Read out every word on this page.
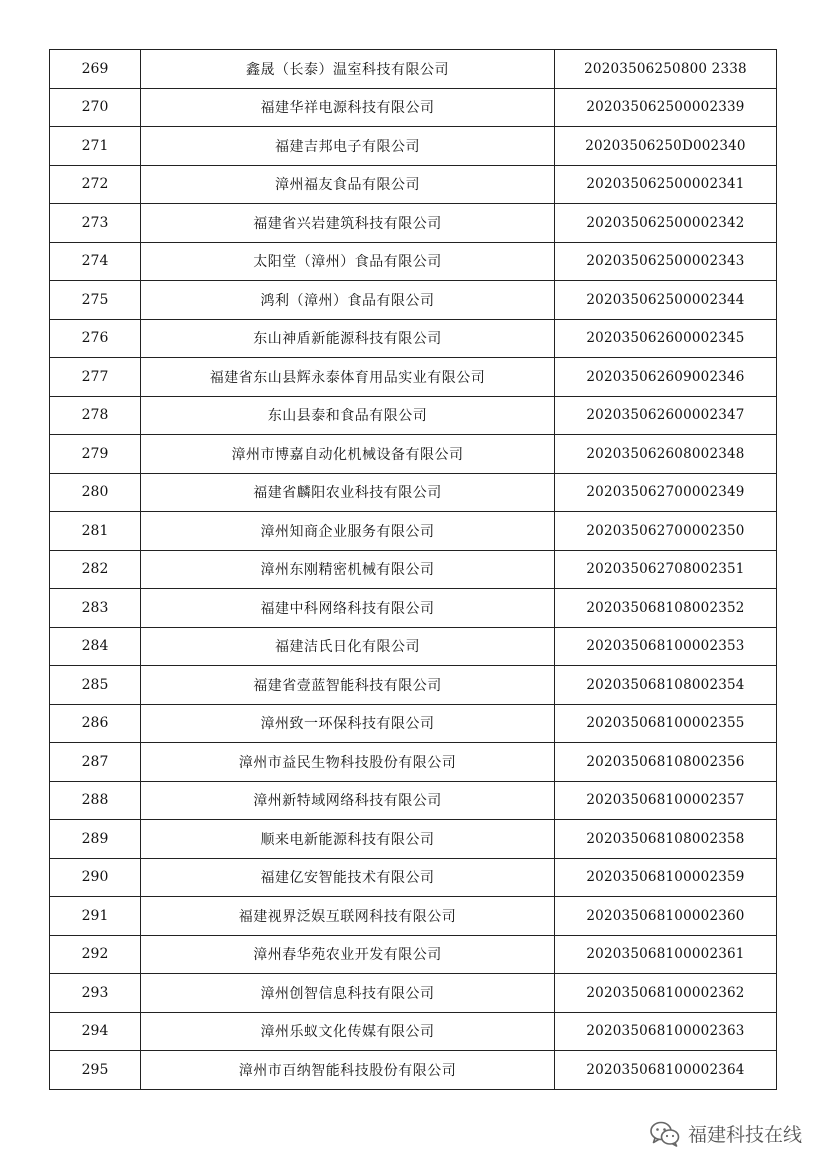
269	鑫晟（长泰）温室科技有限公司	20203506250800 2338
270	福建华祥电源科技有限公司	202035062500002339
271	福建吉邦电子有限公司	20203506250D002340
272	漳州福友食品有限公司	202035062500002341
273	福建省兴岩建筑科技有限公司	202035062500002342
274	太阳堂（漳州）食品有限公司	202035062500002343
275	鸿利（漳州）食品有限公司	202035062500002344
276	东山神盾新能源科技有限公司	202035062600002345
277	福建省东山县辉永泰体育用品实业有限公司	202035062609002346
278	东山县泰和食品有限公司	202035062600002347
279	漳州市博嘉自动化机械设备有限公司	202035062608002348
280	福建省麟阳农业科技有限公司	202035062700002349
281	漳州知商企业服务有限公司	202035062700002350
282	漳州东刚精密机械有限公司	202035062708002351
283	福建中科网络科技有限公司	202035068108002352
284	福建洁氏日化有限公司	202035068100002353
285	福建省壹蓝智能科技有限公司	202035068108002354
286	漳州致一环保科技有限公司	202035068100002355
287	漳州市益民生物科技股份有限公司	202035068108002356
288	漳州新特域网络科技有限公司	202035068100002357
289	顺来电新能源科技有限公司	202035068108002358
290	福建亿安智能技术有限公司	202035068100002359
291	福建视界泛娱互联网科技有限公司	202035068100002360
292	漳州春华苑农业开发有限公司	202035068100002361
293	漳州创智信息科技有限公司	202035068100002362
294	漳州乐蚁文化传媒有限公司	202035068100002363
295	漳州市百纳智能科技股份有限公司	202035068100002364
福建科技在线
